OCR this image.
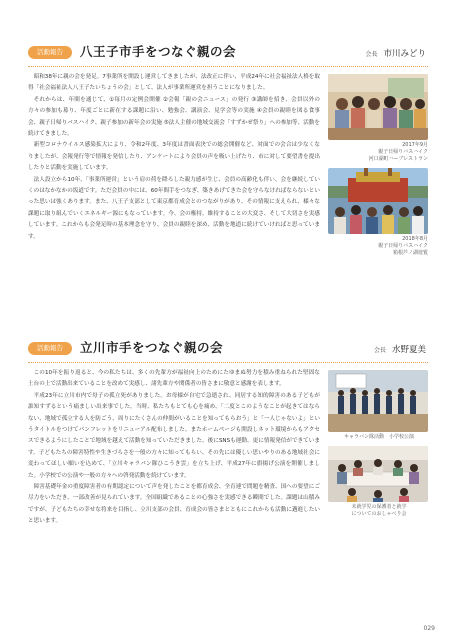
活動報告	八王子市手をつなぐ親の会	会長 市川みどり

昭和38年に親の会を発足。7事業所を開設し運営してきましたが、法改正に伴い、平成24年に社会福祉法人格を取得「社会福祉法人八王子たいちょうの会」として、法人が事業所運営を担うことになりました。

それからは、年間を通じて、①毎月の定例会開催 ②会報「親の会ニュース」の発行 ③講師を招き、会員以外の方々の参加も募り、年度ごとに新在する課題に沿い、勉強会、講演会、見学会等の実施 ④会員の親睦を図る食事会、親子日帰りバスハイク、親子参加の新年会の実施 ⑤法人主催の地域交流会「すずかぜ祭り」への参加等、活動を続けてきました。

新型コロナウイルス感染拡大により、令和2年度、3年度は書面表決での総会開催など、対面での会合は少なくなりましたが、会報発行等で情報を発信したり、アンケートにより会員の声を吸い上げたり、市に対して要望書を提出したりと活動を実施しています。

法人設立から10年、「事業所運営」という肩の荷を降ろした親力感が生じ、会員の高齢化も伴い、会を継続していくのはなかなかの坂道です。ただ会員の中には、60年間手をつなぎ、築きあげてきた会を守らなければならないといった思いは強くあります。また、八王子支部として東京都育成会とのつながりがあり、その情報に支えられ、様々な課題に取り組んでいくエネルギー源にもなっています。今、会の権持、維持することの大変さ、そして大切さを実感しています。これからも会発足時の基本理念を守り、会員の親睦を深め、活動を地道に続けていければと思っています。

2017年9月
親子日帰りバスハイク
河口湖町ハーブレストラン
2018年8月
親子日帰りバスハイク
箱根芦ノ湖遊覧
活動報告	立川市手をつなぐ親の会	会長 水野夏美

この10年を振り返ると、今の私たちは、多くの先輩方が福祉向上のためにたゆまぬ努力を積み重ねられた堅固な土台の上で活動出来ていることを改めて実感し、諸先輩方や関係者の皆さまに敬意と感謝を表します。

平成23年に立川市内で母子の孤立死がありました。お母様が自宅で急逝され、同居する知的障害のある子どもが誰知すずるという痛ましい出来事でした。当時、私たちもとても心を痛め、「二度とこのようなことが起きてはならない、地域で孤立する人を防ごう、周りにたくさんの仲間がいることを知ってもらおう」と「一人じゃないよ」というタイトルをつけてパンフレットをリニューアル配布しました。またホームページも開設しネット環境からもアクセスできるようにしたことで地域を越えて活動を知っていただきました。後にSNSも運動、更に情報発信ができています。子どもたちの障害特性や生きづらさを一般の方々に知ってもらい、その先には優しい思いやりのある地域社会に変わってほしい願いを込めて、「立川キャラバン隊ひこうき雲」を立ち上げ、平成27年に旗揚げ公演を開催しました。小学校での公演や一般の方々への啓発活動を続けています。

障害基礎年金の重度障害者の有期認定について声を発したことを都育成会、全育連で問題を精査、国への要望にご尽力をいただき、一部改善が見られています。全国組織であることの心強さを実感できる瞬間でした。課題は山積みですが、子どもたちの幸せな将来を目指し、立川支部の会員、育成会の皆さまとともにこれからも活動に邁進したいと思います。

キャラバン隊活動　小学校公演
未就学児の保護者と就学
についてのおしゃべり会
029
